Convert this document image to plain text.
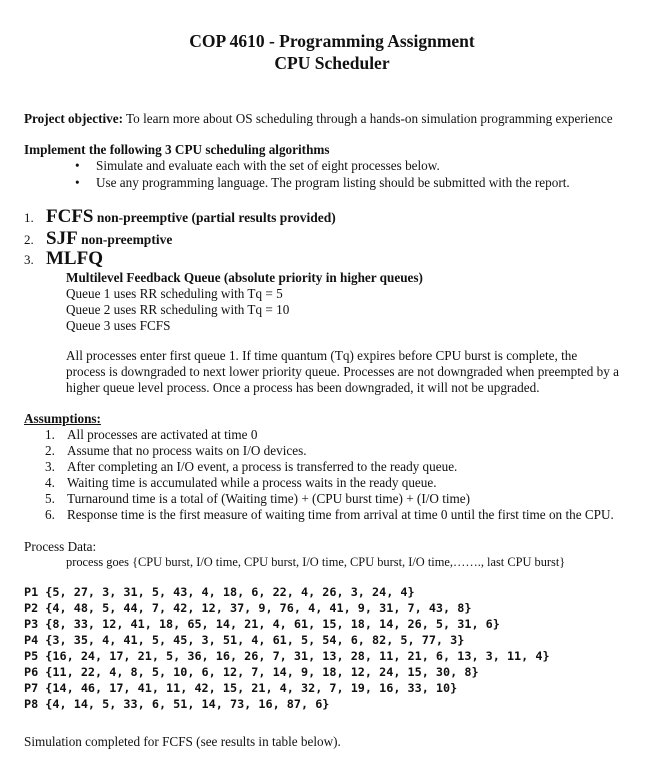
COP 4610 - Programming Assignment
CPU Scheduler
Project objective: To learn more about OS scheduling through a hands-on simulation programming experience
Implement the following 3 CPU scheduling algorithms
• Simulate and evaluate each with the set of eight processes below.
• Use any programming language. The program listing should be submitted with the report.
1. FCFS non-preemptive (partial results provided)
2. SJF non-preemptive
3. MLFQ
Multilevel Feedback Queue (absolute priority in higher queues)
Queue 1 uses RR scheduling with Tq = 5
Queue 2 uses RR scheduling with Tq = 10
Queue 3 uses FCFS
All processes enter first queue 1. If time quantum (Tq) expires before CPU burst is complete, the
process is downgraded to next lower priority queue. Processes are not downgraded when preempted by a
higher queue level process. Once a process has been downgraded, it will not be upgraded.
Assumptions:
1. All processes are activated at time 0
2. Assume that no process waits on I/O devices.
3. After completing an I/O event, a process is transferred to the ready queue.
4. Waiting time is accumulated while a process waits in the ready queue.
5. Turnaround time is a total of (Waiting time) + (CPU burst time) + (I/O time)
6. Response time is the first measure of waiting time from arrival at time 0 until the first time on the CPU.
Process Data:
process goes {CPU burst, I/O time, CPU burst, I/O time, CPU burst, I/O time,……., last CPU burst}
P1 {5, 27, 3, 31, 5, 43, 4, 18, 6, 22, 4, 26, 3, 24, 4}
P2 {4, 48, 5, 44, 7, 42, 12, 37, 9, 76, 4, 41, 9, 31, 7, 43, 8}
P3 {8, 33, 12, 41, 18, 65, 14, 21, 4, 61, 15, 18, 14, 26, 5, 31, 6}
P4 {3, 35, 4, 41, 5, 45, 3, 51, 4, 61, 5, 54, 6, 82, 5, 77, 3}
P5 {16, 24, 17, 21, 5, 36, 16, 26, 7, 31, 13, 28, 11, 21, 6, 13, 3, 11, 4}
P6 {11, 22, 4, 8, 5, 10, 6, 12, 7, 14, 9, 18, 12, 24, 15, 30, 8}
P7 {14, 46, 17, 41, 11, 42, 15, 21, 4, 32, 7, 19, 16, 33, 10}
P8 {4, 14, 5, 33, 6, 51, 14, 73, 16, 87, 6}
Simulation completed for FCFS (see results in table below).
